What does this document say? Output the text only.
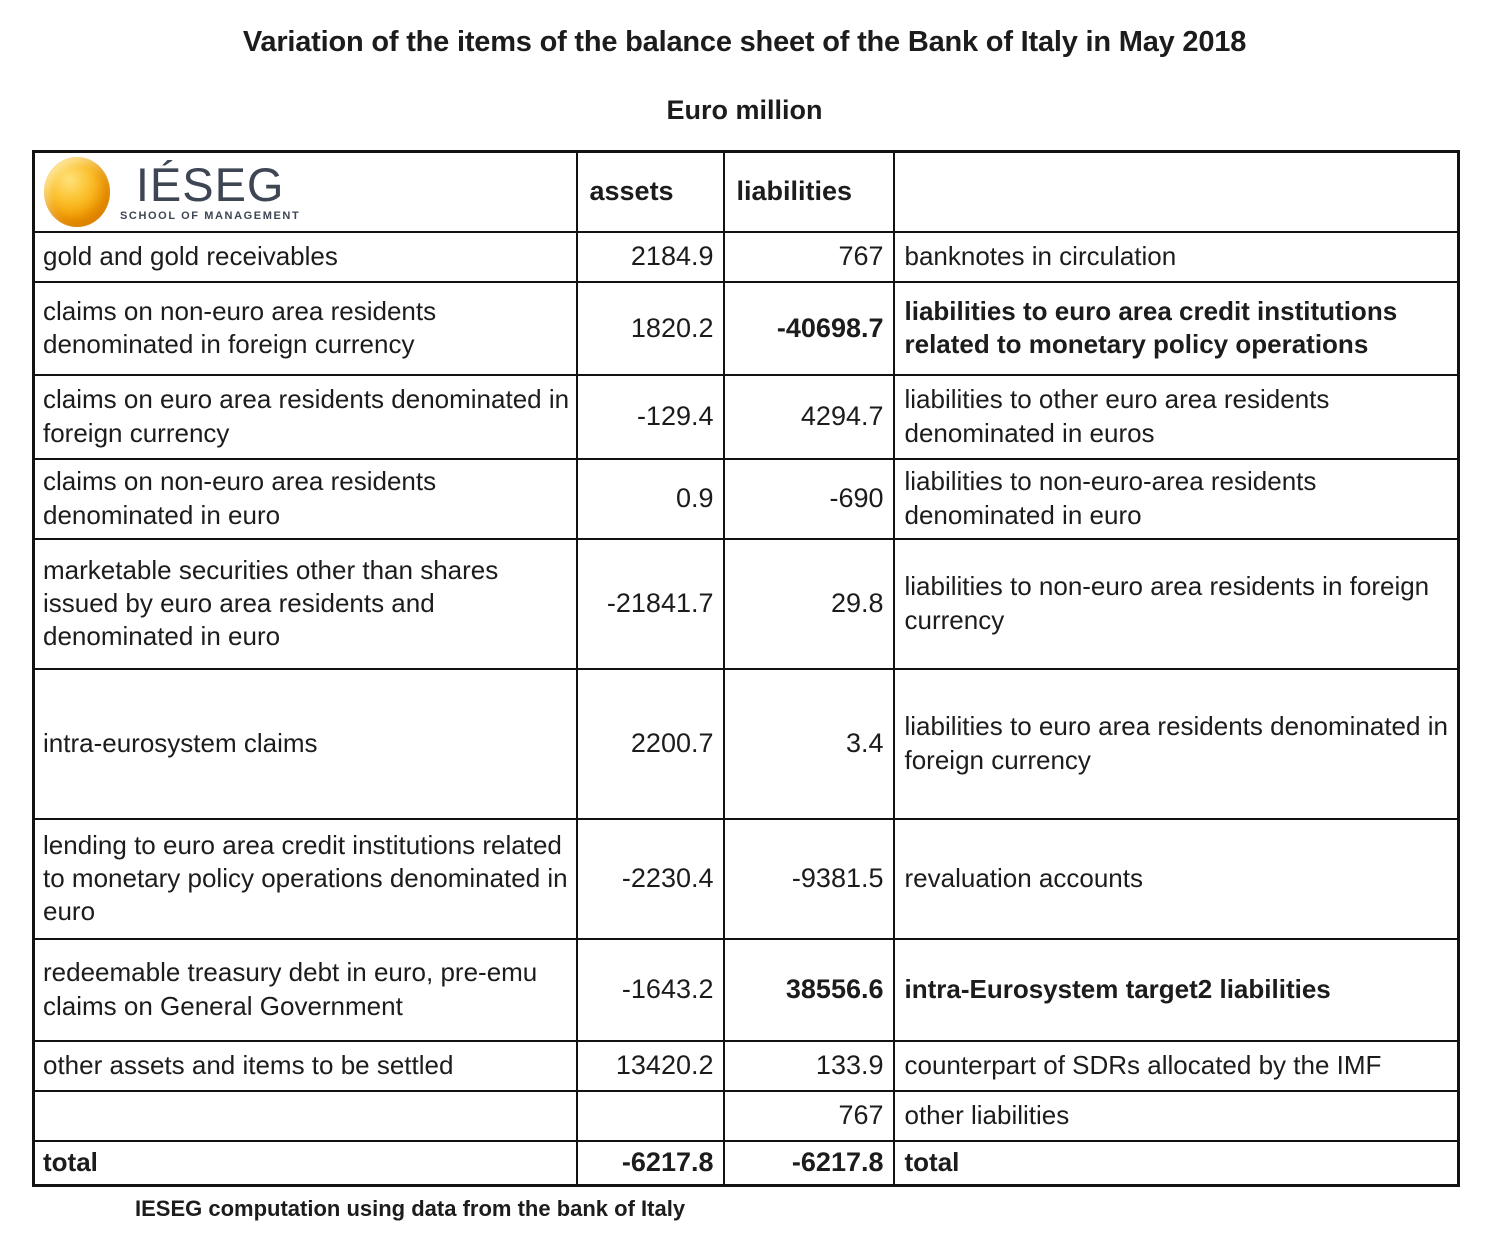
Variation of the items of the balance sheet of the Bank of Italy in May 2018
Euro million
IÉSEG
SCHOOL OF MANAGEMENT	assets	liabilities	
gold and gold receivables	2184.9	767	banknotes in circulation
claims on non-euro area residents denominated in foreign currency	1820.2	-40698.7	liabilities to euro area credit institutions related to monetary policy operations
claims on euro area residents denominated in foreign currency	-129.4	4294.7	liabilities to other euro area residents denominated in euros
claims on non-euro area residents denominated in euro	0.9	-690	liabilities to non-euro-area residents denominated in euro
marketable securities other than shares issued by euro area residents and denominated in euro	-21841.7	29.8	liabilities to non-euro area residents in foreign currency
intra-eurosystem claims	2200.7	3.4	liabilities to euro area residents denominated in foreign currency
lending to euro area credit institutions related to monetary policy operations denominated in euro	-2230.4	-9381.5	revaluation accounts
redeemable treasury debt in euro, pre-emu claims on General Government	-1643.2	38556.6	intra-Eurosystem target2 liabilities
other assets and items to be settled	13420.2	133.9	counterpart of SDRs allocated by the IMF
		767	other liabilities
total	-6217.8	-6217.8	total
IESEG computation using data from the bank of Italy
